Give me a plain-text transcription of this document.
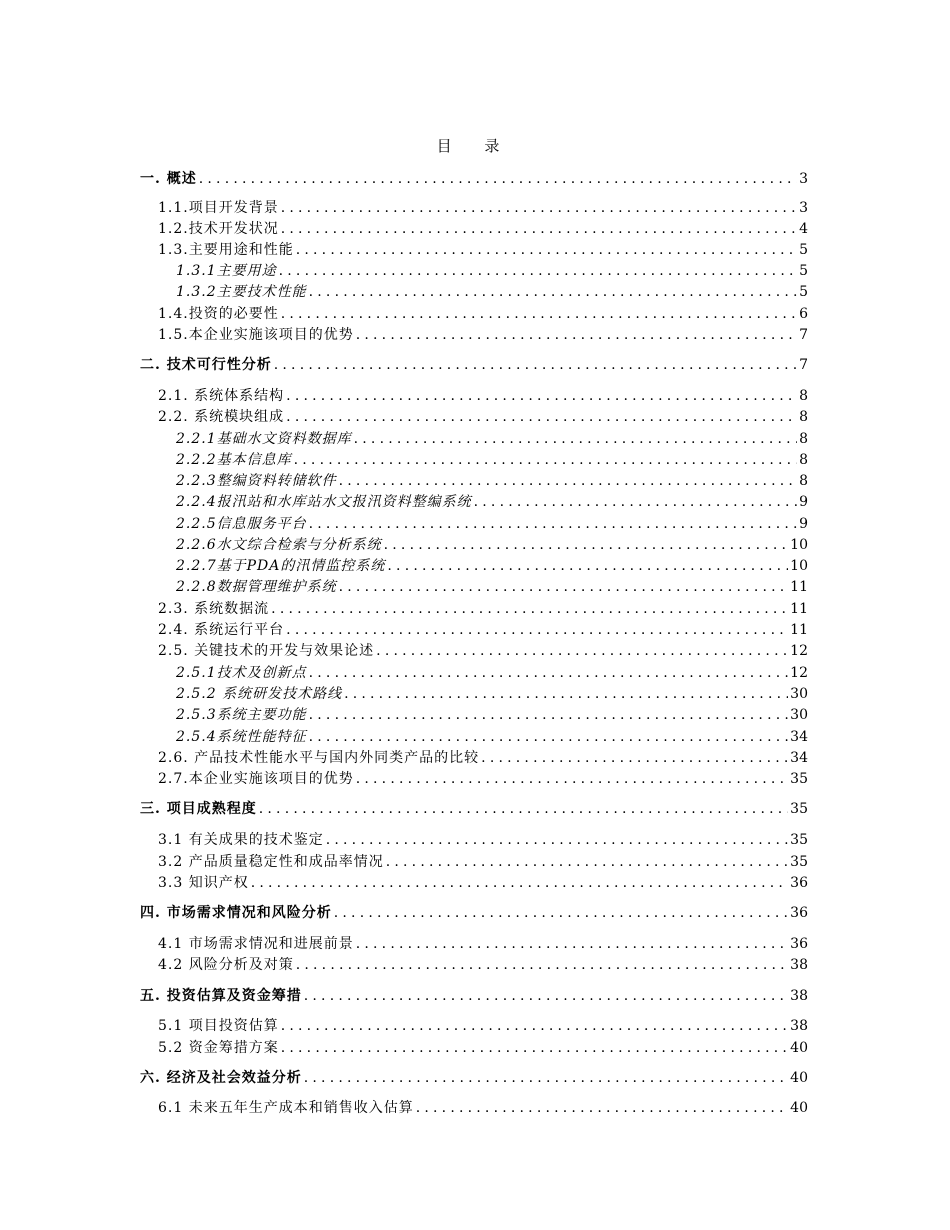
目 录
一. 概述 .....	3
1.1.项目开发背景 .....	3
1.2.技术开发状况 .....	4
1.3.主要用途和性能 .....	5
1.3.1主要用途 .....	5
1.3.2主要技术性能 .....	5
1.4.投资的必要性 .....	6
1.5.本企业实施该项目的优势 .....	7
二. 技术可行性分析 .....	7
2.1. 系统体系结构 .....	8
2.2. 系统模块组成 .....	8
2.2.1基础水文资料数据库 .....	8
2.2.2基本信息库 .....	8
2.2.3整编资料转储软件 .....	8
2.2.4报汛站和水库站水文报汛资料整编系统 .....	9
2.2.5信息服务平台 .....	9
2.2.6水文综合检索与分析系统 .....	10
2.2.7基于PDA的汛情监控系统 .....	10
2.2.8数据管理维护系统 .....	11
2.3. 系统数据流 .....	11
2.4. 系统运行平台 .....	11
2.5. 关键技术的开发与效果论述 .....	12
2.5.1技术及创新点 .....	12
2.5.2 系统研发技术路线 .....	30
2.5.3系统主要功能 .....	30
2.5.4系统性能特征 .....	34
2.6. 产品技术性能水平与国内外同类产品的比较 .....	34
2.7.本企业实施该项目的优势 .....	35
三. 项目成熟程度 .....	35
3.1 有关成果的技术鉴定 .....	35
3.2 产品质量稳定性和成品率情况 .....	35
3.3 知识产权 .....	36
四. 市场需求情况和风险分析 .....	36
4.1 市场需求情况和进展前景 .....	36
4.2 风险分析及对策 .....	38
五. 投资估算及资金筹措 .....	38
5.1 项目投资估算 .....	38
5.2 资金筹措方案 .....	40
六. 经济及社会效益分析 .....	40
6.1 未来五年生产成本和销售收入估算 .....	40
